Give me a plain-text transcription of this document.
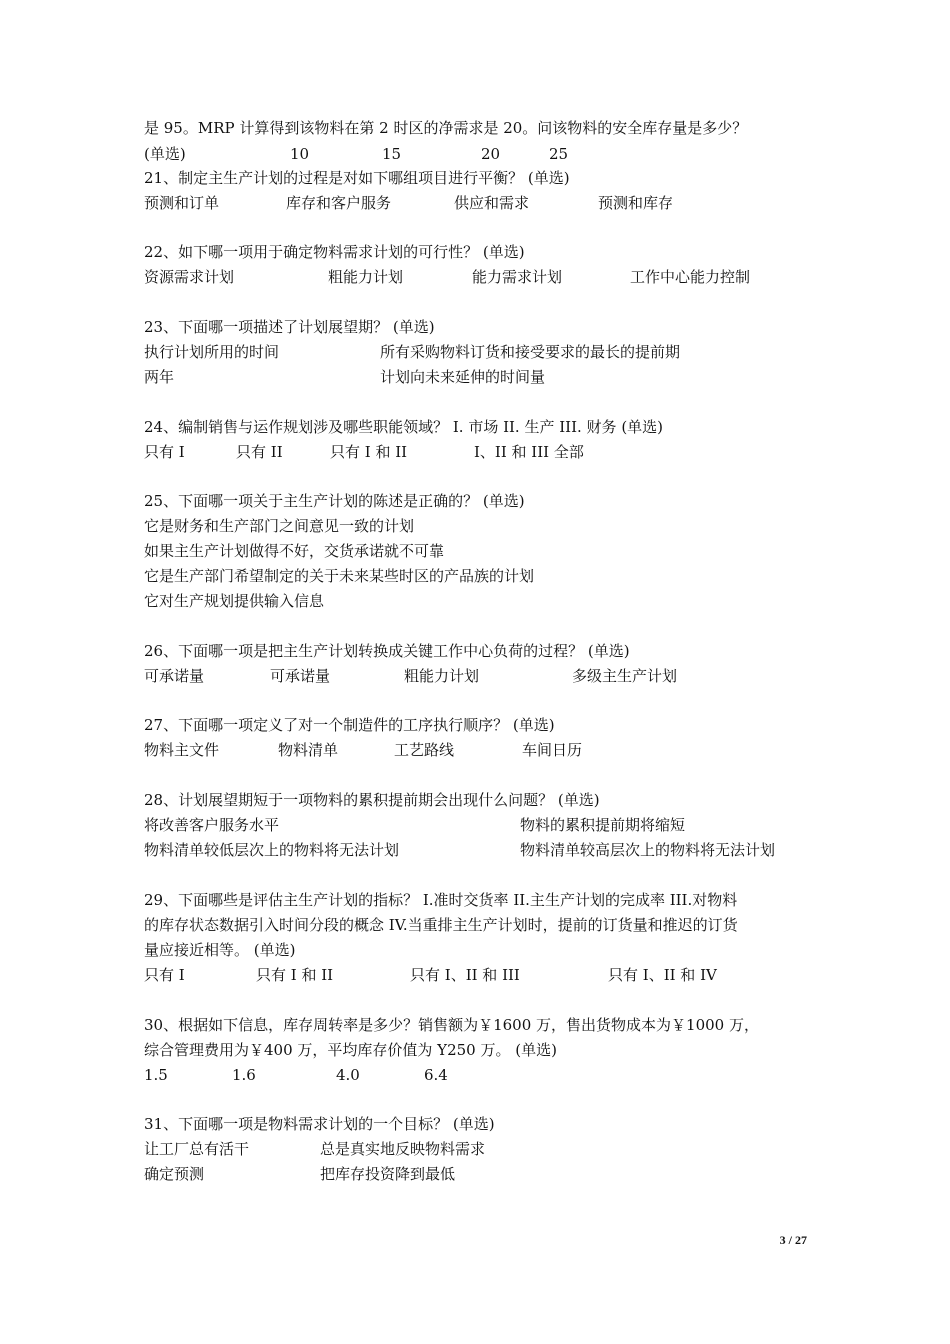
是 95。MRP 计算得到该物料在第 2 时区的净需求是 20。问该物料的安全库存量是多少？
(单选)	10	15	20	25
21、制定主生产计划的过程是对如下哪组项目进行平衡？ (单选)
预测和订单	库存和客户服务	供应和需求	预测和库存
22、如下哪一项用于确定物料需求计划的可行性？ (单选)
资源需求计划	粗能力计划	能力需求计划	工作中心能力控制
23、下面哪一项描述了计划展望期？ (单选)
执行计划所用的时间	所有采购物料订货和接受要求的最长的提前期
两年	计划向未来延伸的时间量
24、编制销售与运作规划涉及哪些职能领域？ I. 市场 II. 生产 III. 财务 (单选)
只有 I	只有 II	只有 I 和 II	I、II 和 III 全部
25、下面哪一项关于主生产计划的陈述是正确的？ (单选)
它是财务和生产部门之间意见一致的计划
如果主生产计划做得不好，交货承诺就不可靠
它是生产部门希望制定的关于未来某些时区的产品族的计划
它对生产规划提供输入信息
26、下面哪一项是把主生产计划转换成关键工作中心负荷的过程？ (单选)
可承诺量	可承诺量	粗能力计划	多级主生产计划
27、下面哪一项定义了对一个制造件的工序执行顺序？ (单选)
物料主文件	物料清单	工艺路线	车间日历
28、计划展望期短于一项物料的累积提前期会出现什么问题？ (单选)
将改善客户服务水平	物料的累积提前期将缩短
物料清单较低层次上的物料将无法计划	物料清单较高层次上的物料将无法计划
29、下面哪些是评估主生产计划的指标？ I.准时交货率 II.主生产计划的完成率 III.对物料
的库存状态数据引入时间分段的概念 IV.当重排主生产计划时，提前的订货量和推迟的订货
量应接近相等。 (单选)
只有 I	只有 I 和 II	只有 I、II 和 III	只有 I、II 和 IV
30、根据如下信息，库存周转率是多少？销售额为￥1600 万，售出货物成本为￥1000 万，
综合管理费用为￥400 万，平均库存价值为 Y250 万。 (单选)
1.5	1.6	4.0	6.4
31、下面哪一项是物料需求计划的一个目标？ (单选)
让工厂总有活干	总是真实地反映物料需求
确定预测	把库存投资降到最低
3 / 27
